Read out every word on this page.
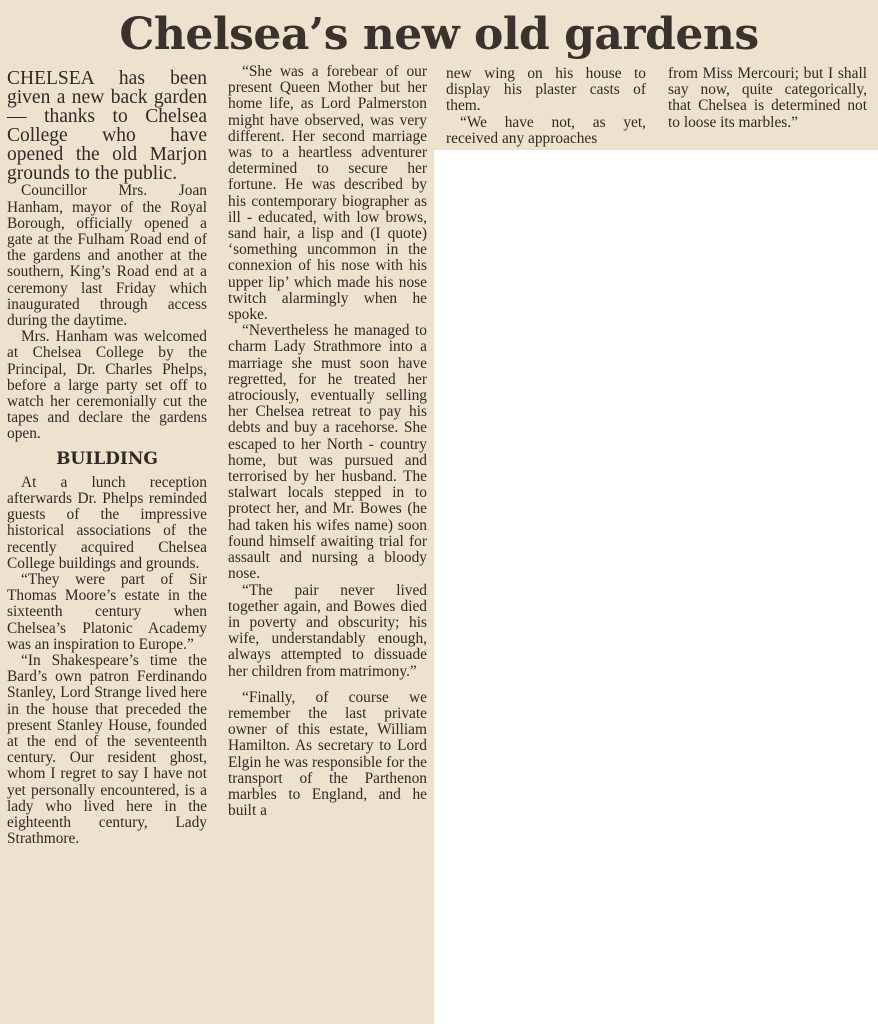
Chelsea’s new old gardens

CHELSEA has been given a new back garden — thanks to Chelsea College who have opened the old Marjon grounds to the public.

Councillor Mrs. Joan Hanham, mayor of the Royal Borough, officially opened a gate at the Fulham Road end of the gardens and another at the southern, King’s Road end at a ceremony last Friday which inaugurated through access during the daytime.

Mrs. Hanham was welcomed at Chelsea College by the Principal, Dr. Charles Phelps, before a large party set off to watch her ceremonially cut the tapes and declare the gardens open.

BUILDING

At a lunch reception afterwards Dr. Phelps reminded guests of the impressive historical associations of the recently acquired Chelsea College buildings and grounds.

“They were part of Sir Thomas Moore’s estate in the sixteenth century when Chelsea’s Platonic Academy was an inspiration to Europe.”

“In Shakespeare’s time the Bard’s own patron Ferdinando Stanley, Lord Strange lived here in the house that preceded the present Stanley House, founded at the end of the seventeenth century. Our resident ghost, whom I regret to say I have not yet personally encountered, is a lady who lived here in the eighteenth century, Lady Strathmore.

“She was a forebear of our present Queen Mother but her home life, as Lord Palmerston might have observed, was very different. Her second marriage was to a heartless adventurer determined to secure her fortune. He was described by his contemporary biographer as ill - educated, with low brows, sand hair, a lisp and (I quote) ‘something uncommon in the connexion of his nose with his upper lip’ which made his nose twitch alarmingly when he spoke.

“Nevertheless he managed to charm Lady Strathmore into a marriage she must soon have regretted, for he treated her atrociously, eventually selling her Chelsea retreat to pay his debts and buy a racehorse. She escaped to her North - country home, but was pursued and terrorised by her husband. The stalwart locals stepped in to protect her, and Mr. Bowes (he had taken his wifes name) soon found himself awaiting trial for assault and nursing a bloody nose.

“The pair never lived together again, and Bowes died in poverty and obscurity; his wife, understandably enough, always attempted to dissuade her children from matrimony.”

“Finally, of course we remember the last private owner of this estate, William Hamilton. As secretary to Lord Elgin he was responsible for the transport of the Parthenon marbles to England, and he built a

new wing on his house to display his plaster casts of them.

“We have not, as yet, received any approaches

from Miss Mercouri; but I shall say now, quite categorically, that Chelsea is determined not to loose its marbles.”
